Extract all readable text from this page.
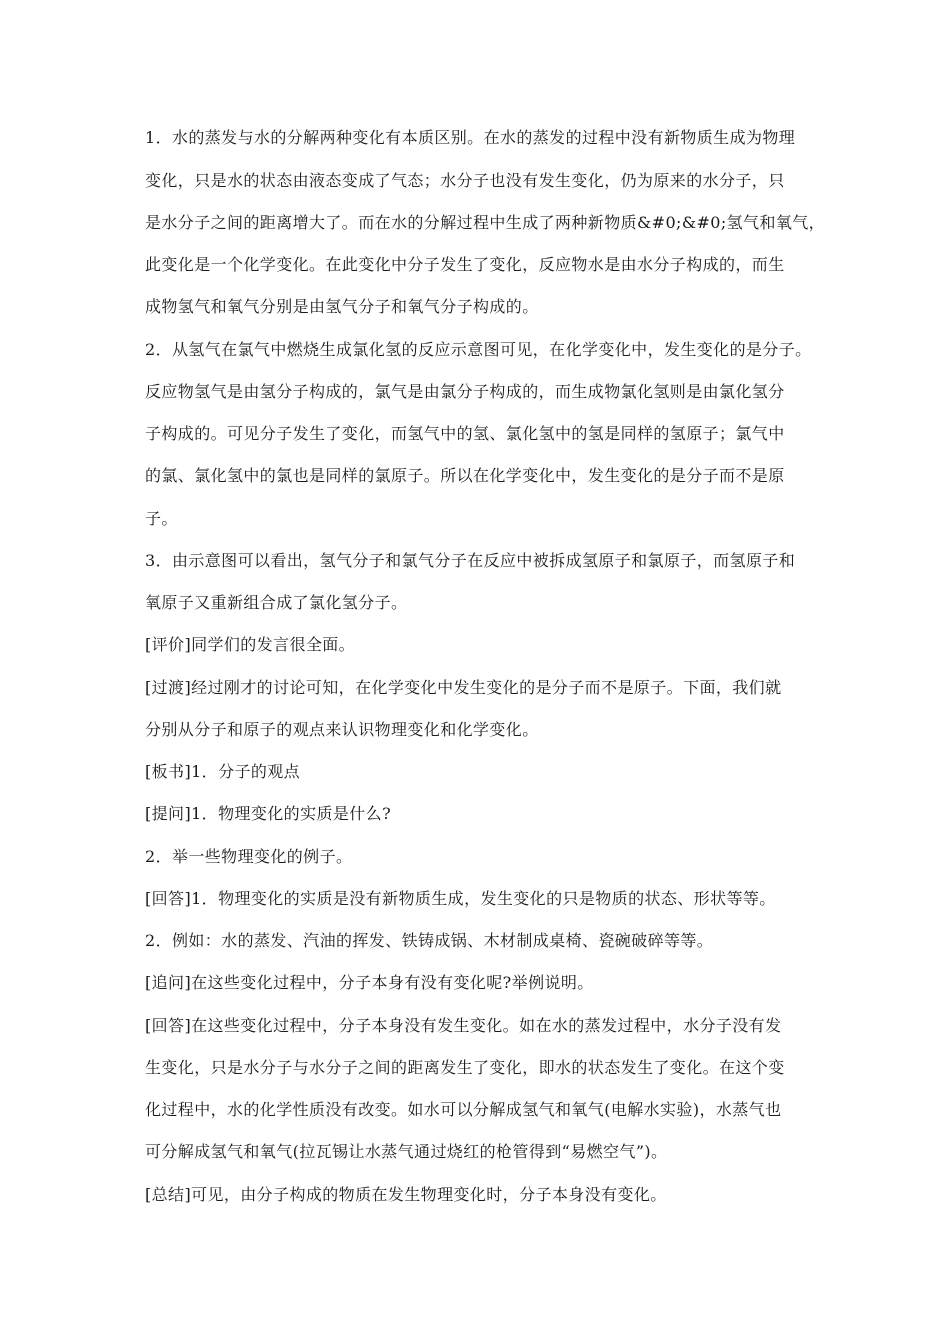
1．水的蒸发与水的分解两种变化有本质区别。在水的蒸发的过程中没有新物质生成为物理
变化，只是水的状态由液态变成了气态；水分子也没有发生变化，仍为原来的水分子，只
是水分子之间的距离增大了。而在水的分解过程中生成了两种新物质&#0;&#0;氢气和氧气，
此变化是一个化学变化。在此变化中分子发生了变化，反应物水是由水分子构成的，而生
成物氢气和氧气分别是由氢气分子和氧气分子构成的。
2．从氢气在氯气中燃烧生成氯化氢的反应示意图可见，在化学变化中，发生变化的是分子。
反应物氢气是由氢分子构成的，氯气是由氯分子构成的，而生成物氯化氢则是由氯化氢分
子构成的。可见分子发生了变化，而氢气中的氢、氯化氢中的氢是同样的氢原子；氯气中
的氯、氯化氢中的氯也是同样的氯原子。所以在化学变化中，发生变化的是分子而不是原
子。
3．由示意图可以看出，氢气分子和氯气分子在反应中被拆成氢原子和氯原子，而氢原子和
氧原子又重新组合成了氯化氢分子。
[评价]同学们的发言很全面。
[过渡]经过刚才的讨论可知，在化学变化中发生变化的是分子而不是原子。下面，我们就
分别从分子和原子的观点来认识物理变化和化学变化。
[板书]1．分子的观点
[提问]1．物理变化的实质是什么?
2．举一些物理变化的例子。
[回答]1．物理变化的实质是没有新物质生成，发生变化的只是物质的状态、形状等等。
2．例如：水的蒸发、汽油的挥发、铁铸成锅、木材制成桌椅、瓷碗破碎等等。
[追问]在这些变化过程中，分子本身有没有变化呢?举例说明。
[回答]在这些变化过程中，分子本身没有发生变化。如在水的蒸发过程中，水分子没有发
生变化，只是水分子与水分子之间的距离发生了变化，即水的状态发生了变化。在这个变
化过程中，水的化学性质没有改变。如水可以分解成氢气和氧气(电解水实验)，水蒸气也
可分解成氢气和氧气(拉瓦锡让水蒸气通过烧红的枪管得到“易燃空气”)。
[总结]可见，由分子构成的物质在发生物理变化时，分子本身没有变化。
